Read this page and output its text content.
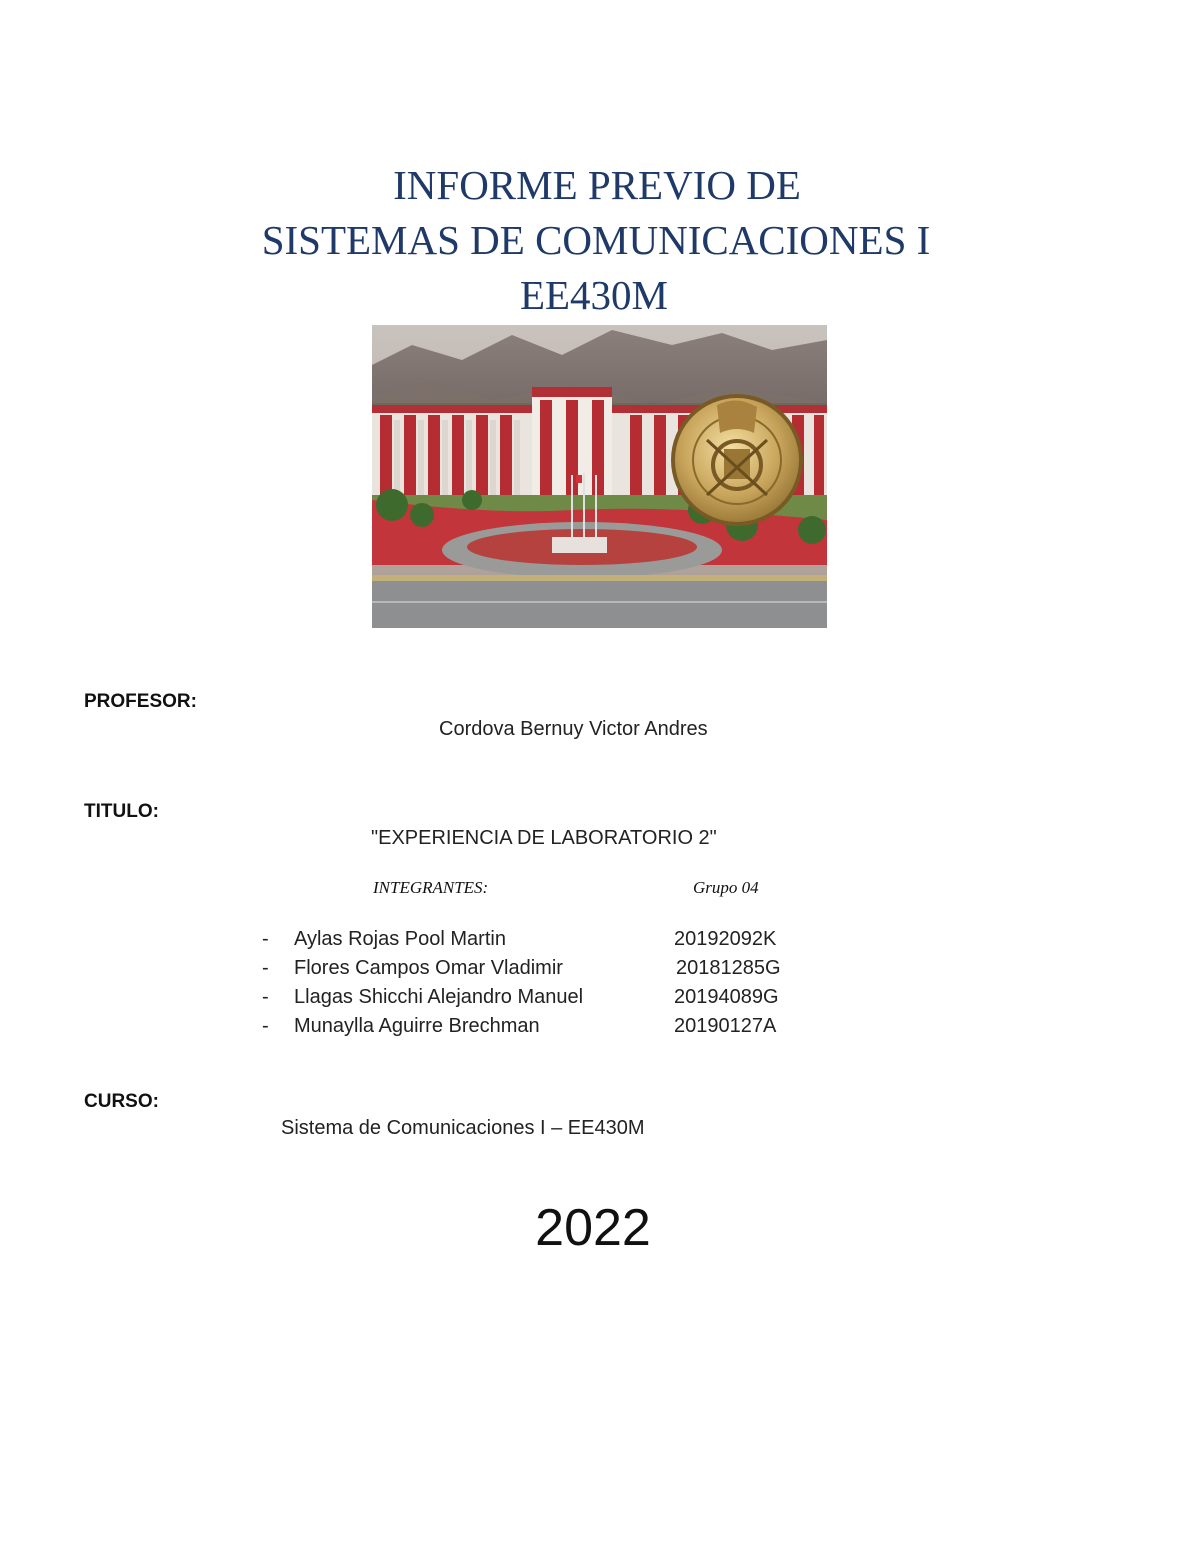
INFORME PREVIO DE
SISTEMAS DE COMUNICACIONES I
EE430M
PROFESOR:
Cordova Bernuy Victor Andres
TITULO:
"EXPERIENCIA DE LABORATORIO 2"
INTEGRANTES:	Grupo 04
- Aylas Rojas Pool Martin	20192092K
- Flores Campos Omar Vladimir	20181285G
- Llagas Shicchi Alejandro Manuel	20194089G
- Munaylla Aguirre Brechman	20190127A
CURSO:
Sistema de Comunicaciones I – EE430M
2022
